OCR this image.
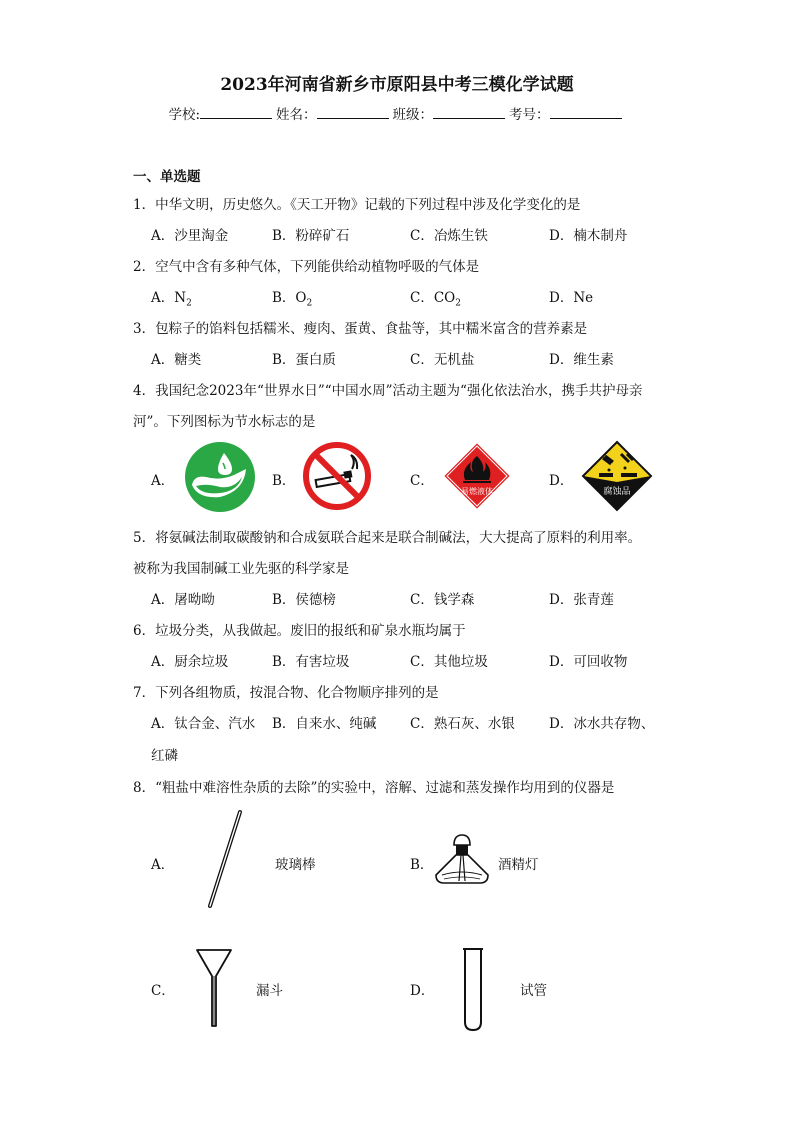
2023年河南省新乡市原阳县中考三模化学试题
学校:	姓名：	班级：	考号：
一、单选题
1．中华文明，历史悠久。《天工开物》记载的下列过程中涉及化学变化的是
A．沙里淘金	B．粉碎矿石	C．冶炼生铁	D．楠木制舟
2．空气中含有多种气体，下列能供给动植物呼吸的气体是
A．$N_2$	B．$O_2$	C．$CO_2$	D．Ne
3．包粽子的馅料包括糯米、瘦肉、蛋黄、食盐等，其中糯米富含的营养素是
A．糖类	B．蛋白质	C．无机盐	D．维生素
4．我国纪念2023年“世界水日”“中国水周”活动主题为“强化依法治水，携手共护母亲
河”。下列图标为节水标志的是
A．	B．	C．
易燃液体
D．
腐蚀品
5．将氨碱法制取碳酸钠和合成氨联合起来是联合制碱法，大大提高了原料的利用率。
被称为我国制碱工业先驱的科学家是
A．屠呦呦	B．侯德榜	C．钱学森	D．张青莲
6．垃圾分类，从我做起。废旧的报纸和矿泉水瓶均属于
A．厨余垃圾	B．有害垃圾	C．其他垃圾	D．可回收物
7．下列各组物质，按混合物、化合物顺序排列的是
A．钛合金、汽水 B．自来水、纯碱 C．熟石灰、水银	D．冰水共存物、
红磷
8．“粗盐中难溶性杂质的去除”的实验中，溶解、过滤和蒸发操作均用到的仪器是
A．	玻璃棒	B．	酒精灯
C．	漏斗	D．	试管
